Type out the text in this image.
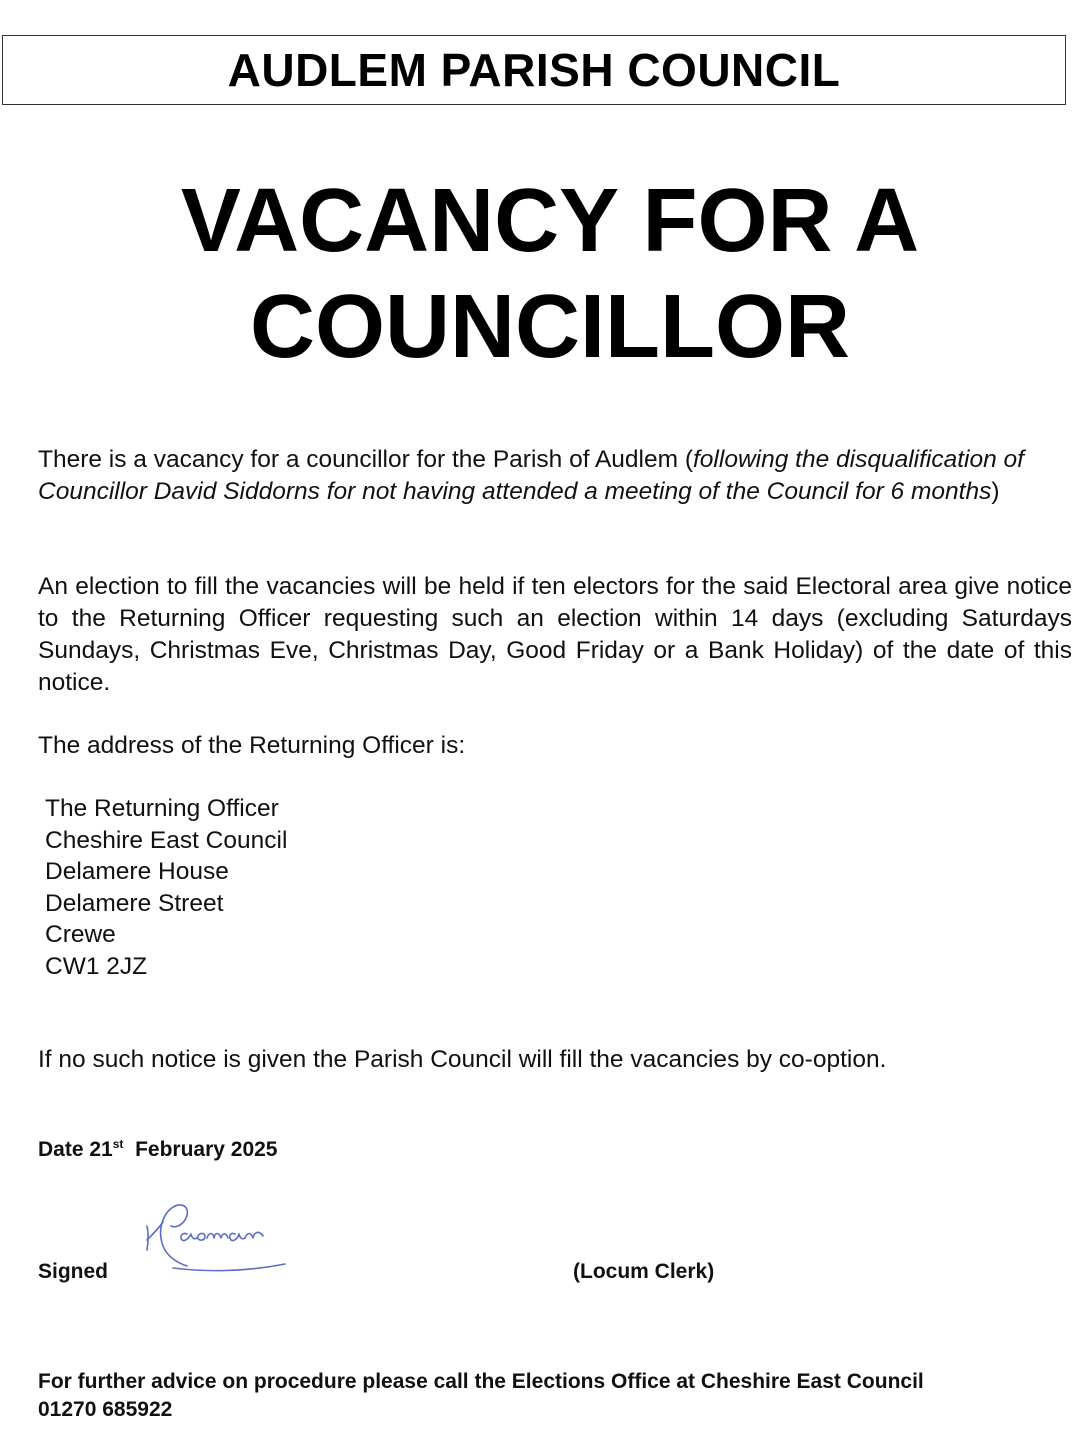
AUDLEM PARISH COUNCIL
VACANCY FOR A
COUNCILLOR

There is a vacancy for a councillor for the Parish of Audlem (following the disqualification of Councillor David Siddorns for not having attended a meeting of the Council for 6 months)

An election to fill the vacancies will be held if ten electors for the said Electoral area give notice to the Returning Officer requesting such an election within 14 days (excluding Saturdays Sundays, Christmas Eve, Christmas Day, Good Friday or a Bank Holiday) of the date of this notice.

The address of the Returning Officer is:

The Returning Officer
Cheshire East Council
Delamere House
Delamere Street
Crewe
CW1 2JZ

If no such notice is given the Parish Council will fill the vacancies by co-option.

Date 21st February 2025
Signed	(Locum Clerk)
For further advice on procedure please call the Elections Office at Cheshire East Council
01270 685922
